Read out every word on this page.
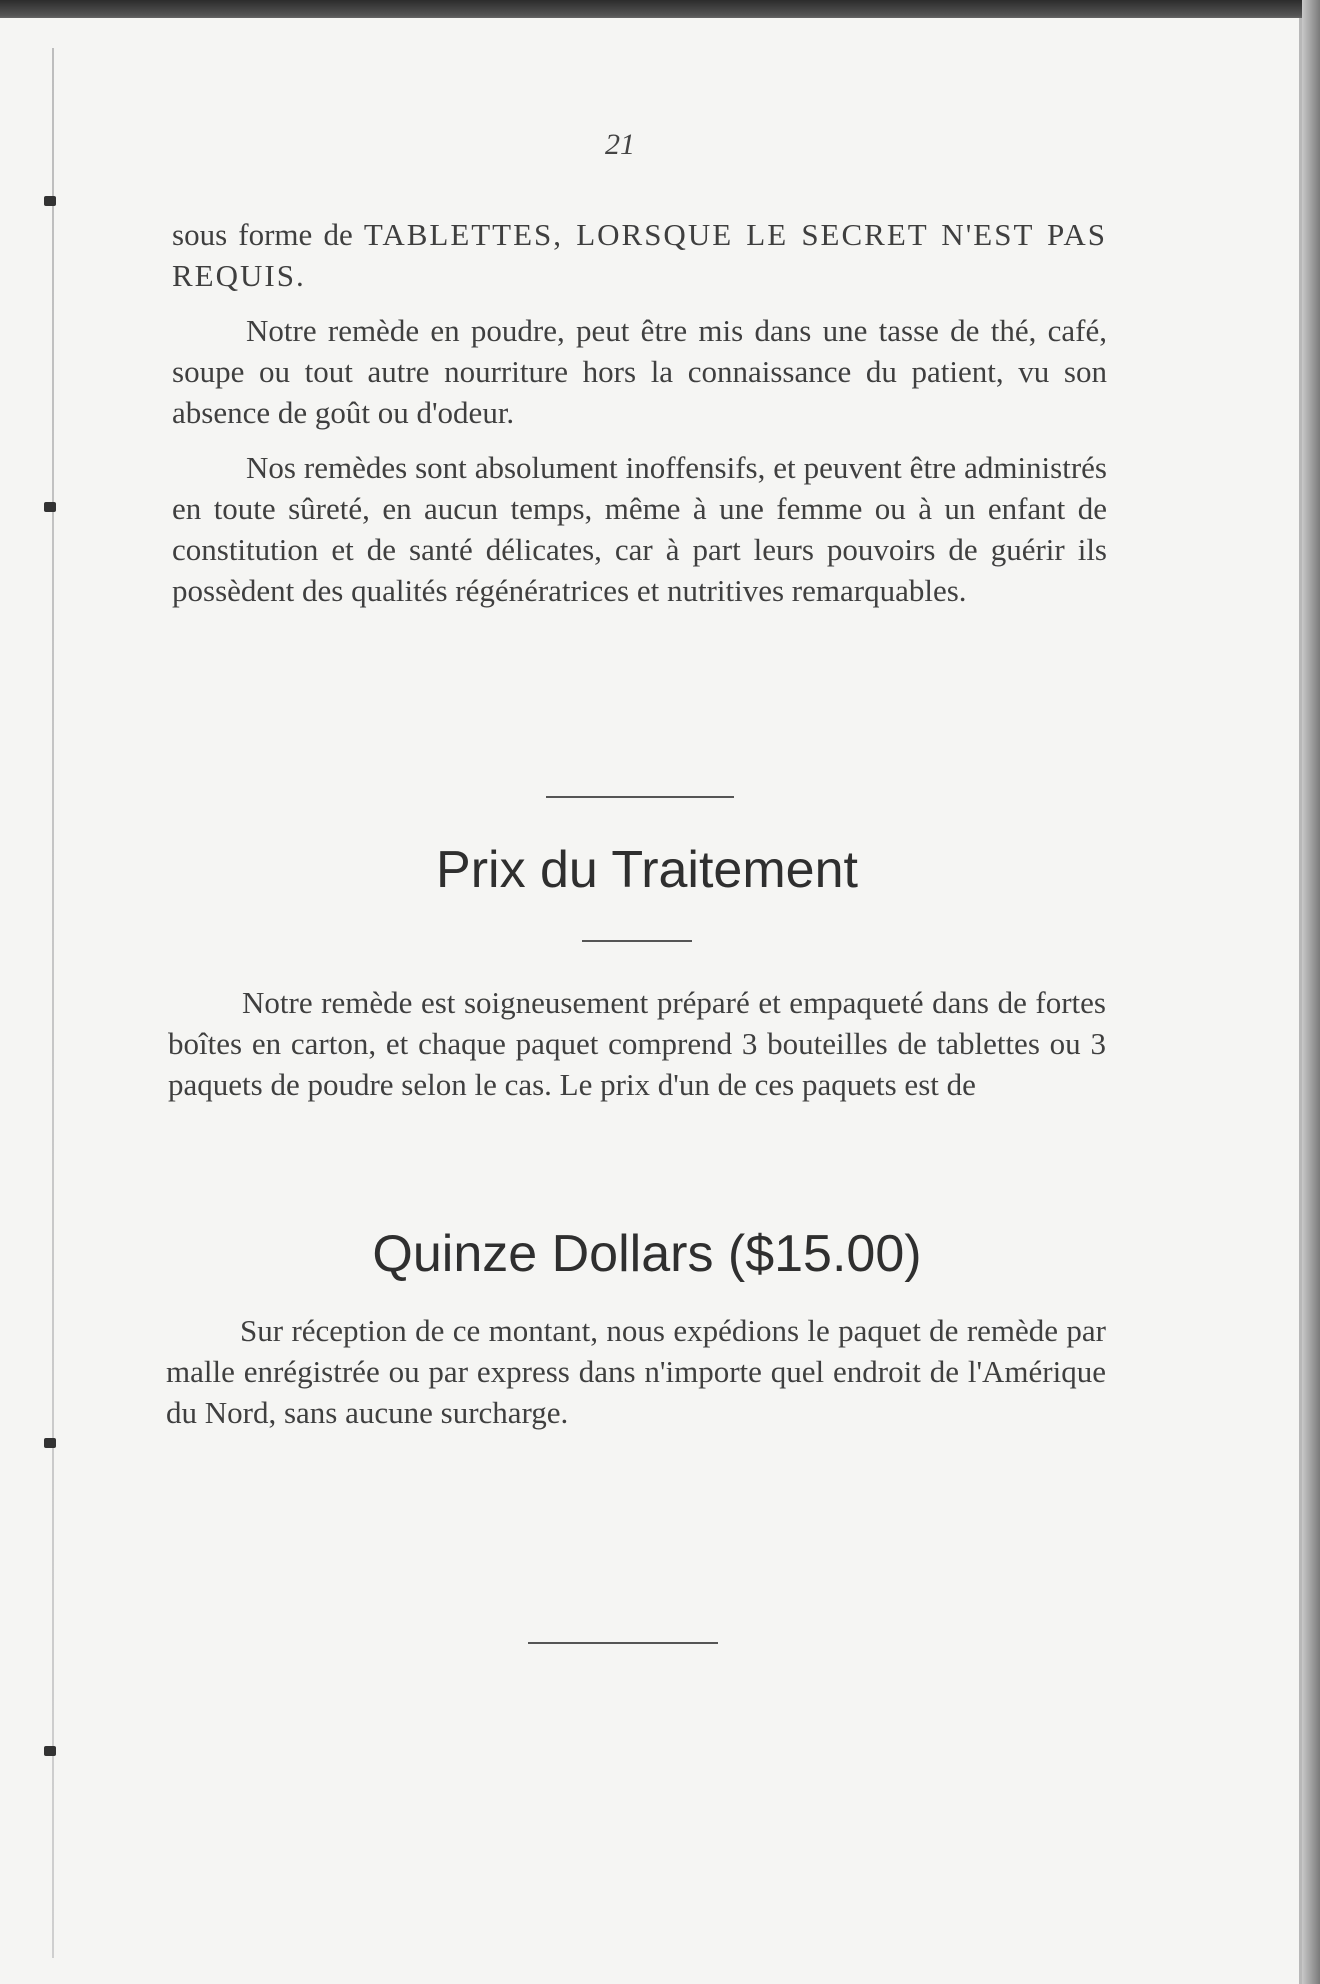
21

sous forme de TABLETTES, LORSQUE LE SECRET N'EST PAS REQUIS.

Notre remède en poudre, peut être mis dans une tasse de thé, café, soupe ou tout autre nourriture hors la connaissance du patient, vu son absence de goût ou d'odeur.

Nos remèdes sont absolument inoffensifs, et peuvent être administrés en toute sûreté, en aucun temps, même à une femme ou à un enfant de constitution et de santé délicates, car à part leurs pouvoirs de guérir ils possèdent des qualités régénératrices et nutritives remarquables.

Prix du Traitement

Notre remède est soigneusement préparé et empaqueté dans de fortes boîtes en carton, et chaque paquet comprend 3 bouteilles de tablettes ou 3 paquets de poudre selon le cas. Le prix d'un de ces paquets est de

Quinze Dollars ($15.00)

Sur réception de ce montant, nous expédions le paquet de remède par malle enrégistrée ou par express dans n'importe quel endroit de l'Amérique du Nord, sans aucune surcharge.
